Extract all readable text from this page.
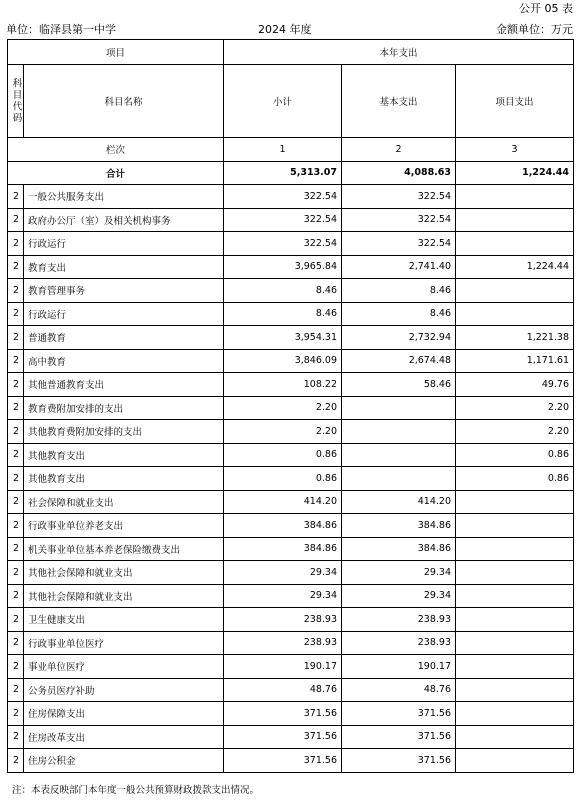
公开 05 表
单位：临泽县第一中学	2024 年度	金额单位：万元
项目		本年支出		
科目代码	科目名称	小计	基本支出	项目支出
栏次		1	2	3
合计		5,313.07	4,088.63	1,224.44
2	一般公共服务支出	322.54	322.54	
2	政府办公厅（室）及相关机构事务	322.54	322.54	
2	行政运行	322.54	322.54	
2	教育支出	3,965.84	2,741.40	1,224.44
2	教育管理事务	8.46	8.46	
2	行政运行	8.46	8.46	
2	普通教育	3,954.31	2,732.94	1,221.38
2	高中教育	3,846.09	2,674.48	1,171.61
2	其他普通教育支出	108.22	58.46	49.76
2	教育费附加安排的支出	2.20		2.20
2	其他教育费附加安排的支出	2.20		2.20
2	其他教育支出	0.86		0.86
2	其他教育支出	0.86		0.86
2	社会保障和就业支出	414.20	414.20	
2	行政事业单位养老支出	384.86	384.86	
2	机关事业单位基本养老保险缴费支出	384.86	384.86	
2	其他社会保障和就业支出	29.34	29.34	
2	其他社会保障和就业支出	29.34	29.34	
2	卫生健康支出	238.93	238.93	
2	行政事业单位医疗	238.93	238.93	
2	事业单位医疗	190.17	190.17	
2	公务员医疗补助	48.76	48.76	
2	住房保障支出	371.56	371.56	
2	住房改革支出	371.56	371.56	
2	住房公积金	371.56	371.56	
注：本表反映部门本年度一般公共预算财政拨款支出情况。
